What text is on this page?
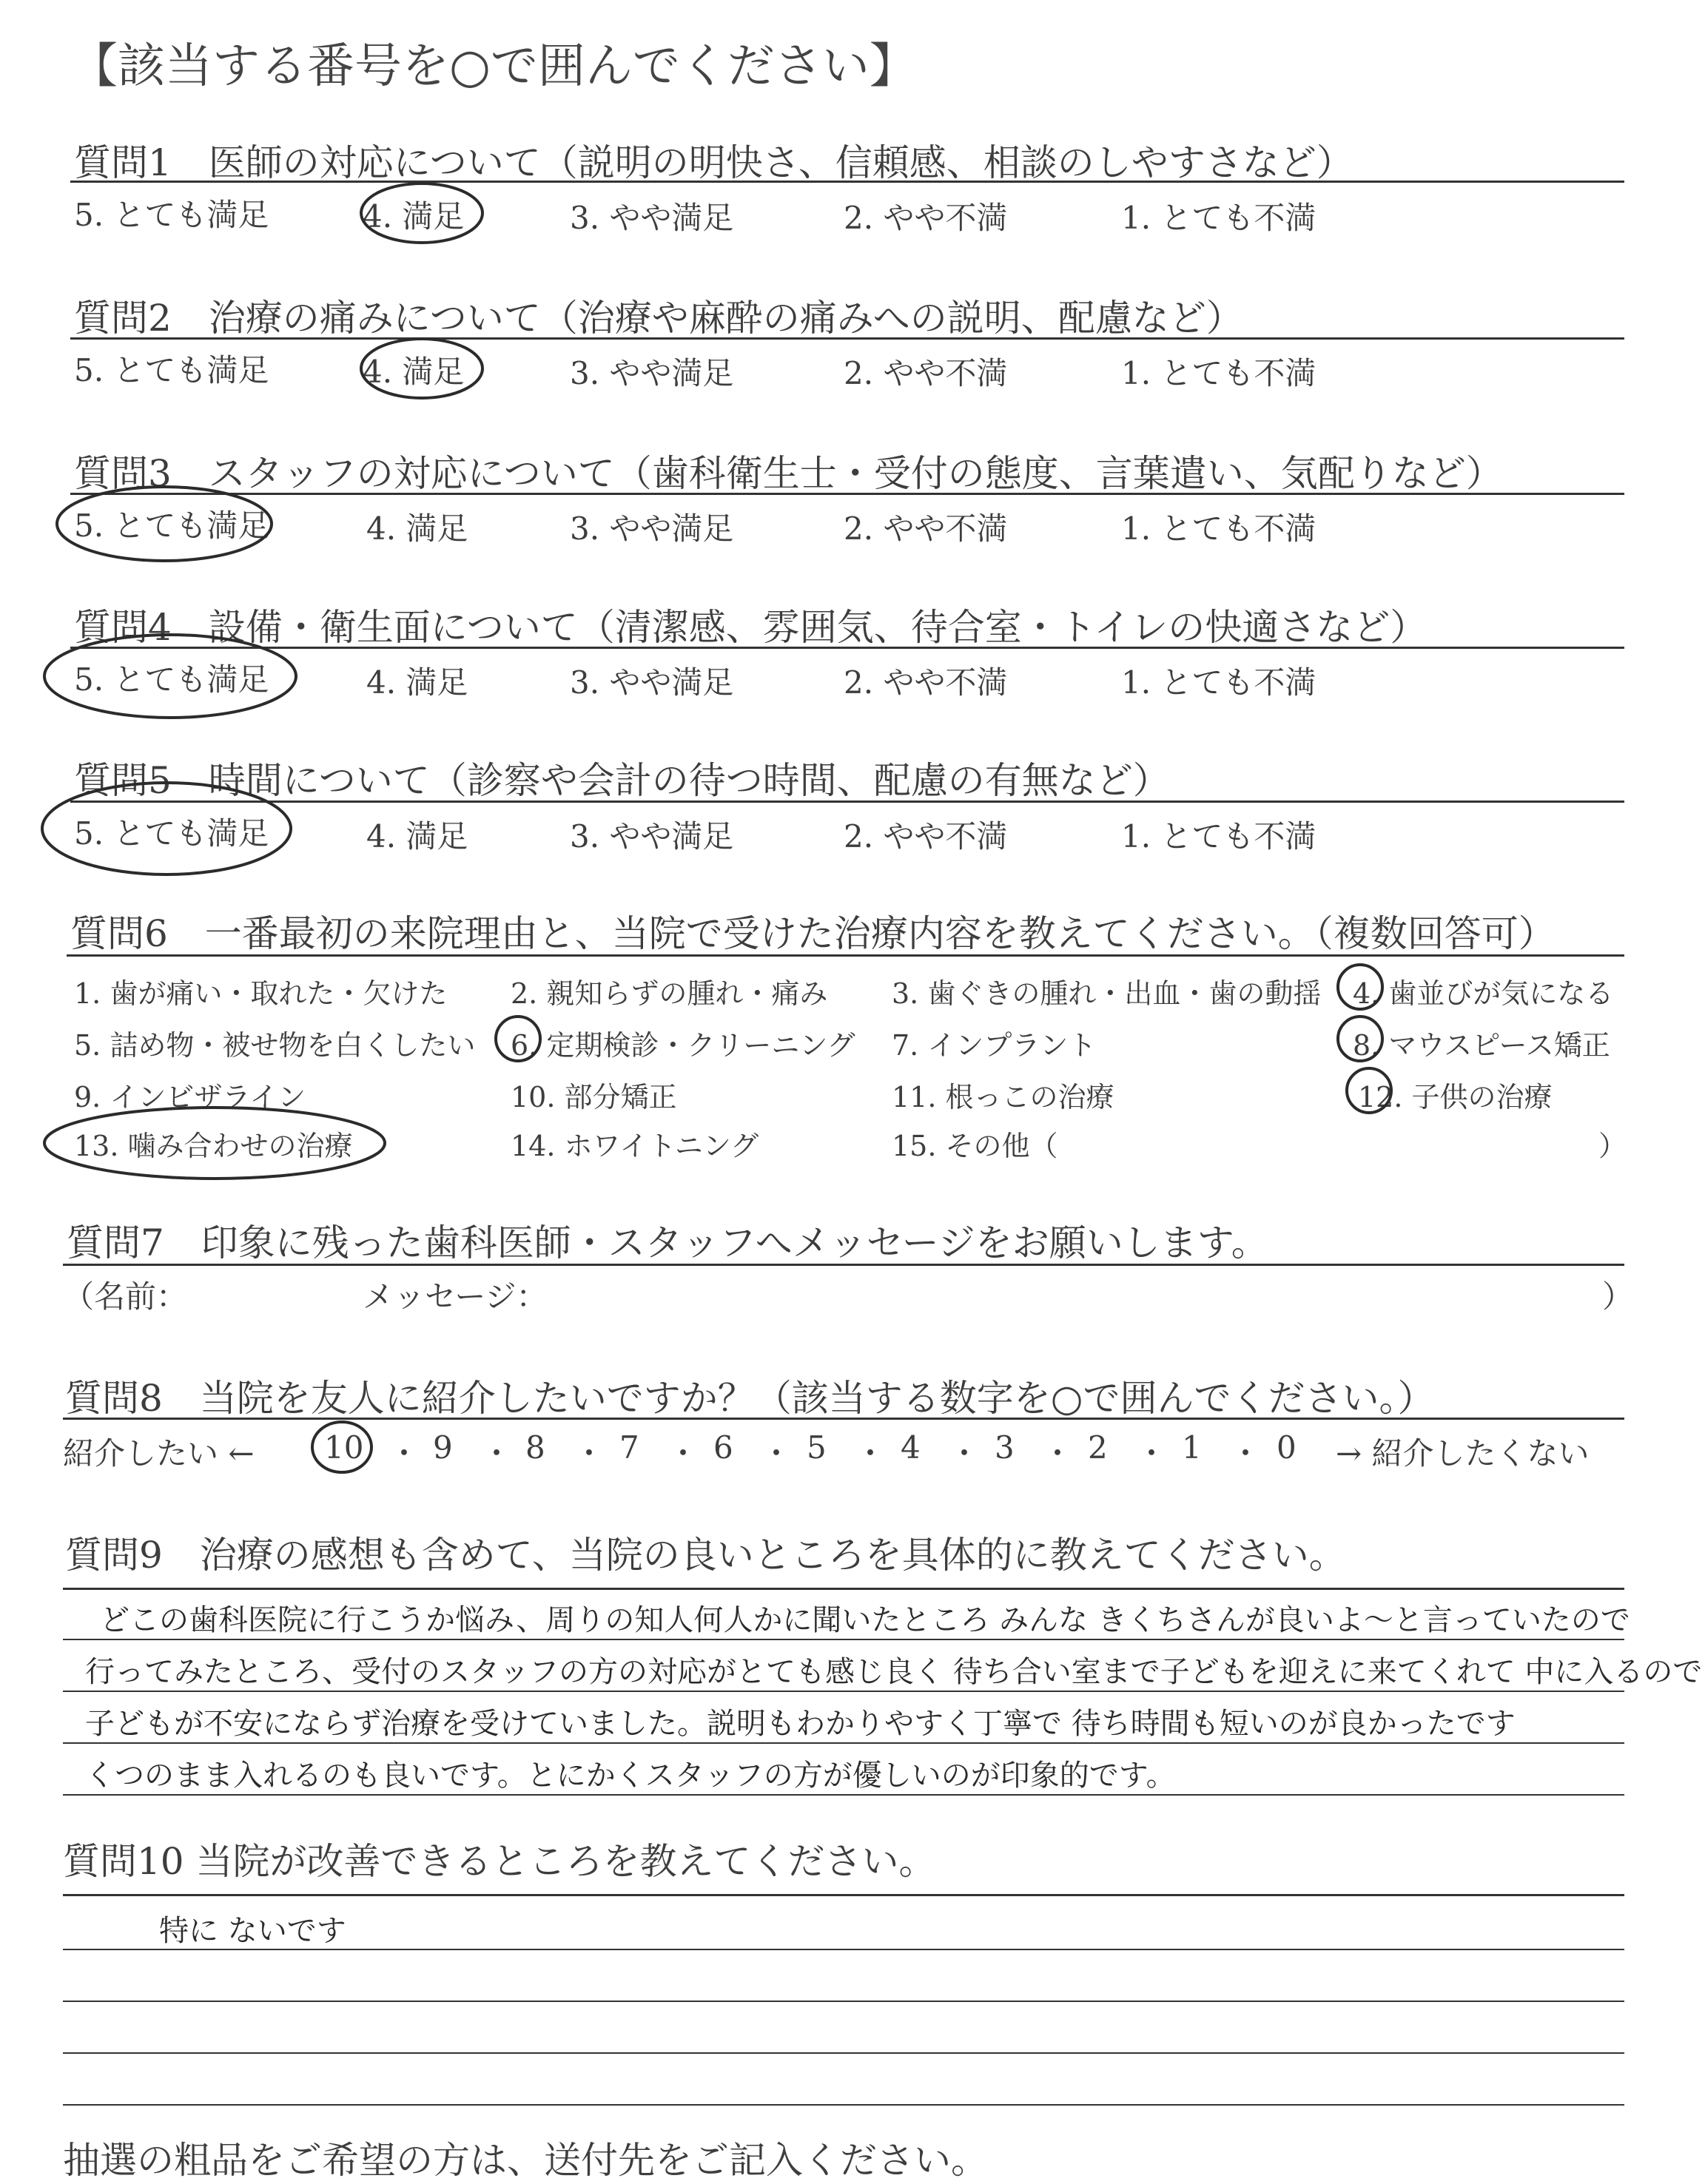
【該当する番号を○で囲んでください】
質問1　医師の対応について（説明の明快さ、信頼感、相談のしやすさなど）
5. とても満足	4. 満足	3. やや満足	2. やや不満	1. とても不満
質問2　治療の痛みについて（治療や麻酔の痛みへの説明、配慮など）
5. とても満足	4. 満足	3. やや満足	2. やや不満	1. とても不満
質問3　スタッフの対応について（歯科衛生士・受付の態度、言葉遣い、気配りなど）
5. とても満足	4. 満足	3. やや満足	2. やや不満	1. とても不満
質問4　設備・衛生面について（清潔感、雰囲気、待合室・トイレの快適さなど）
5. とても満足	4. 満足	3. やや満足	2. やや不満	1. とても不満
質問5　時間について（診察や会計の待つ時間、配慮の有無など）
5. とても満足	4. 満足	3. やや満足	2. やや不満	1. とても不満
質問6　一番最初の来院理由と、当院で受けた治療内容を教えてください。（複数回答可）
1. 歯が痛い・取れた・欠けた 2. 親知らずの腫れ・痛み 3. 歯ぐきの腫れ・出血・歯の動揺 4. 歯並びが気になる
5. 詰め物・被せ物を白くしたい 6. 定期検診・クリーニング 7. インプラント	8. マウスピース矯正
9. インビザライン	10. 部分矯正	11. 根っこの治療	12. 子供の治療
13. 噛み合わせの治療	14. ホワイトニング	15. その他（	）
質問7　印象に残った歯科医師・スタッフへメッセージをお願いします。
（名前：	メッセージ：	）
質問8　当院を友人に紹介したいですか？（該当する数字を○で囲んでください。）
紹介したい ← 10 ・ 9 ・ 8 ・ 7 ・ 6 ・ 5 ・ 4 ・ 3 ・ 2 ・ 1 ・ 0 → 紹介したくない
質問9　治療の感想も含めて、当院の良いところを具体的に教えてください。
どこの歯科医院に行こうか悩み、周りの知人何人かに聞いたところ みんな きくちさんが良いよ〜と言っていたので
行ってみたところ、受付のスタッフの方の対応がとても感じ良く 待ち合い室まで子どもを迎えに来てくれて 中に入るので
子どもが不安にならず治療を受けていました。説明もわかりやすく丁寧で 待ち時間も短いのが良かったです
くつのまま入れるのも良いです。とにかくスタッフの方が優しいのが印象的です。
質問10 当院が改善できるところを教えてください。
特に ないです
抽選の粗品をご希望の方は、送付先をご記入ください。
